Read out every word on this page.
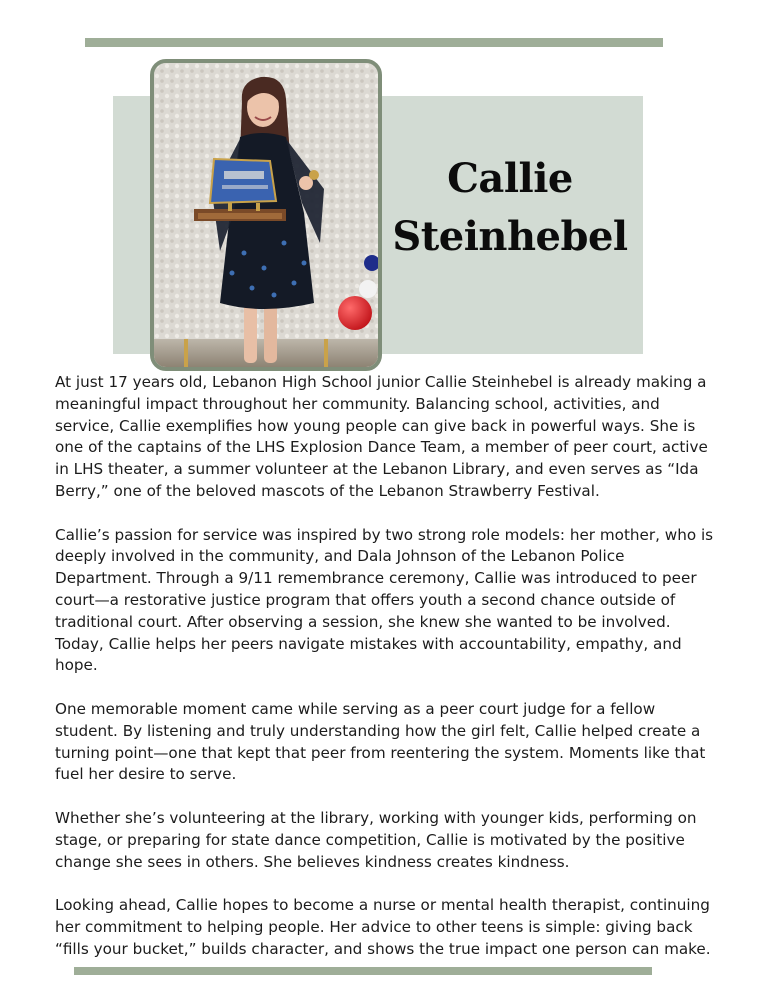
Callie
Steinhebel

At just 17 years old, Lebanon High School junior Callie Steinhebel is already making a meaningful impact throughout her community. Balancing school, activities, and service, Callie exemplifies how young people can give back in powerful ways. She is one of the captains of the LHS Explosion Dance Team, a member of peer court, active in LHS theater, a summer volunteer at the Lebanon Library, and even serves as “Ida Berry,” one of the beloved mascots of the Lebanon Strawberry Festival.

Callie’s passion for service was inspired by two strong role models: her mother, who is deeply involved in the community, and Dala Johnson of the Lebanon Police Department. Through a 9/11 remembrance ceremony, Callie was introduced to peer court—a restorative justice program that offers youth a second chance outside of traditional court. After observing a session, she knew she wanted to be involved. Today, Callie helps her peers navigate mistakes with accountability, empathy, and hope.

One memorable moment came while serving as a peer court judge for a fellow student. By listening and truly understanding how the girl felt, Callie helped create a turning point—one that kept that peer from reentering the system. Moments like that fuel her desire to serve.

Whether she’s volunteering at the library, working with younger kids, performing on stage, or preparing for state dance competition, Callie is motivated by the positive change she sees in others. She believes kindness creates kindness.

Looking ahead, Callie hopes to become a nurse or mental health therapist, continuing her commitment to helping people. Her advice to other teens is simple: giving back “fills your bucket,” builds character, and shows the true impact one person can make.
